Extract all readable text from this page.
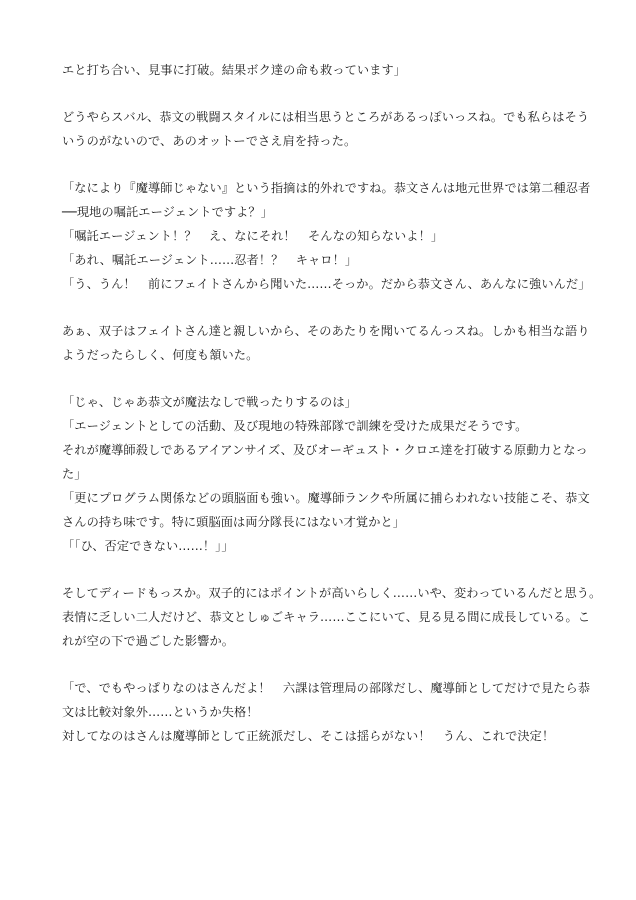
エと打ち合い、見事に打破。結果ボク達の命も救っています」
どうやらスバル、恭文の戦闘スタイルには相当思うところがあるっぽいっスね。でも私らはそう
いうのがないので、あのオットーでさえ肩を持った。
「なにより『魔導師じゃない』という指摘は的外れですね。恭文さんは地元世界では第二種忍者
──現地の嘱託エージェントですよ？」
「嘱託エージェント！？　え、なにそれ！　そんなの知らないよ！」
「あれ、嘱託エージェント……忍者！？　キャロ！」
「う、うん！　前にフェイトさんから聞いた……そっか。だから恭文さん、あんなに強いんだ」
あぁ、双子はフェイトさん達と親しいから、そのあたりを聞いてるんっスね。しかも相当な語り
ようだったらしく、何度も頷いた。
「じゃ、じゃあ恭文が魔法なしで戦ったりするのは」
「エージェントとしての活動、及び現地の特殊部隊で訓練を受けた成果だそうです。
それが魔導師殺しであるアイアンサイズ、及びオーギュスト・クロエ達を打破する原動力となっ
た」
「更にプログラム関係などの頭脳面も強い。魔導師ランクや所属に捕らわれない技能こそ、恭文
さんの持ち味です。特に頭脳面は両分隊長にはない才覚かと」
「「ひ、否定できない……！」」
そしてディードもっスか。双子的にはポイントが高いらしく……いや、変わっているんだと思う。
表情に乏しい二人だけど、恭文としゅごキャラ……ここにいて、見る見る間に成長している。こ
れが空の下で過ごした影響か。
「で、でもやっぱりなのはさんだよ！　六課は管理局の部隊だし、魔導師としてだけで見たら恭
文は比較対象外……というか失格！
対してなのはさんは魔導師として正統派だし、そこは揺らがない！　うん、これで決定！
